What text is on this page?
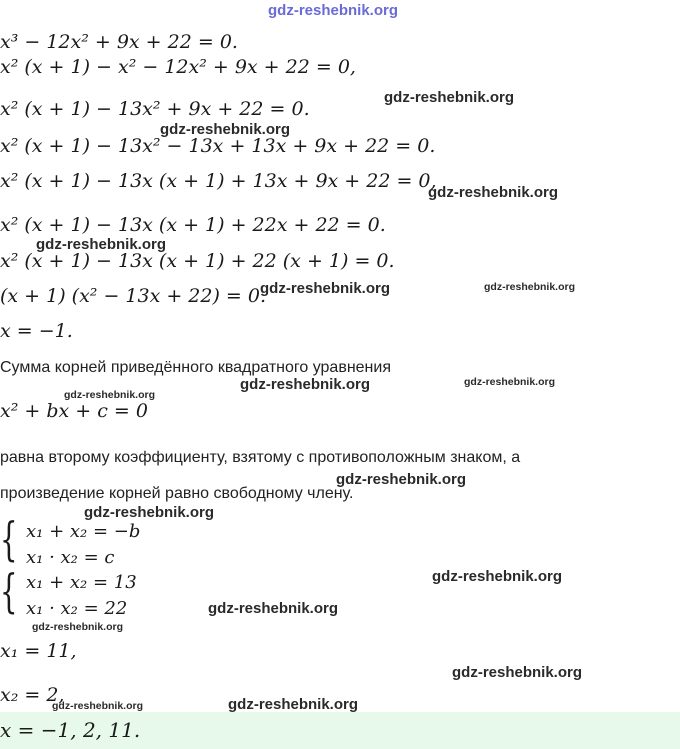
gdz-reshebnik.org
x³ − 12x² + 9x + 22 = 0.
x² (x + 1) − x² − 12x² + 9x + 22 = 0,
x² (x + 1) − 13x² + 9x + 22 = 0.
x² (x + 1) − 13x² − 13x + 13x + 9x + 22 = 0.
x² (x + 1) − 13x (x + 1) + 13x + 9x + 22 = 0,
x² (x + 1) − 13x (x + 1) + 22x + 22 = 0.
x² (x + 1) − 13x (x + 1) + 22 (x + 1) = 0.
(x + 1) (x² − 13x + 22) = 0.
x = −1.
Сумма корней приведённого квадратного уравнения
x² + bx + c = 0
равна второму коэффициенту, взятому с противоположным знаком, а
произведение корней равно свободному члену.
{ x₁ + x₂ = −b
x₁ · x₂ = c
{ x₁ + x₂ = 13
x₁ · x₂ = 22
x₁ = 11,
x₂ = 2,
x = −1, 2, 11.
gdz-reshebnik.org
gdz-reshebnik.org
gdz-reshebnik.org
gdz-reshebnik.org
gdz-reshebnik.org	gdz-reshebnik.org
gdz-reshebnik.org	gdz-reshebnik.org
gdz-reshebnik.org
gdz-reshebnik.org
gdz-reshebnik.org
gdz-reshebnik.org
gdz-reshebnik.org
gdz-reshebnik.org
gdz-reshebnik.org
gdz-reshebnik.org	gdz-reshebnik.org
